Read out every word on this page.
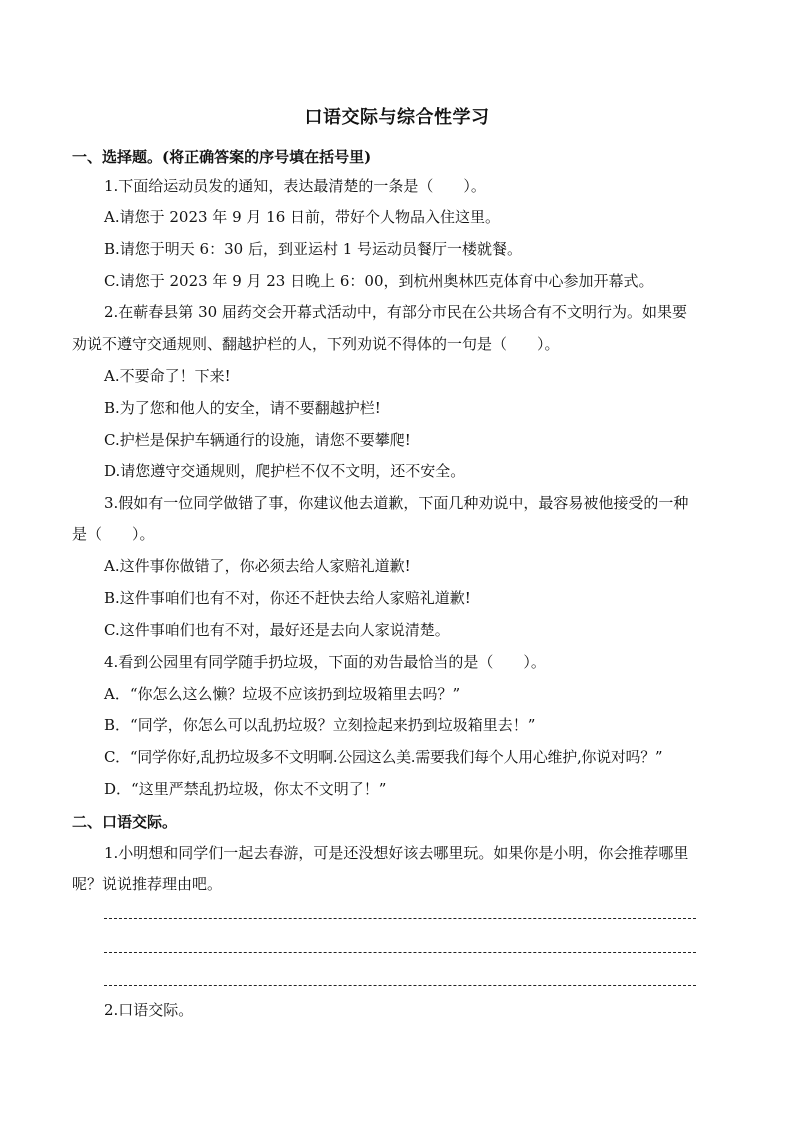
口语交际与综合性学习
一、选择题。(将正确答案的序号填在括号里)
1.下面给运动员发的通知，表达最清楚的一条是（　　）。
A.请您于 2023 年 9 月 16 日前，带好个人物品入住这里。
B.请您于明天 6：30 后，到亚运村 1 号运动员餐厅一楼就餐。
C.请您于 2023 年 9 月 23 日晚上 6：00，到杭州奥林匹克体育中心参加开幕式。
2.在蕲春县第 30 届药交会开幕式活动中，有部分市民在公共场合有不文明行为。如果要
劝说不遵守交通规则、翻越护栏的人，下列劝说不得体的一句是（　　）。
A.不要命了！下来!
B.为了您和他人的安全，请不要翻越护栏!
C.护栏是保护车辆通行的设施，请您不要攀爬!
D.请您遵守交通规则，爬护栏不仅不文明，还不安全。
3.假如有一位同学做错了事，你建议他去道歉，下面几种劝说中，最容易被他接受的一种
是（　　）。
A.这件事你做错了，你必须去给人家赔礼道歉!
B.这件事咱们也有不对，你还不赶快去给人家赔礼道歉!
C.这件事咱们也有不对，最好还是去向人家说清楚。
4.看到公园里有同学随手扔垃圾，下面的劝告最恰当的是（　　）。
A．“你怎么这么懒？垃圾不应该扔到垃圾箱里去吗？”
B．“同学，你怎么可以乱扔垃圾？立刻捡起来扔到垃圾箱里去！”
C．“同学你好,乱扔垃圾多不文明啊.公园这么美.需要我们每个人用心维护,你说对吗？”
D．“这里严禁乱扔垃圾，你太不文明了！”
二、口语交际。
1.小明想和同学们一起去春游，可是还没想好该去哪里玩。如果你是小明，你会推荐哪里
呢？说说推荐理由吧。
2.口语交际。
